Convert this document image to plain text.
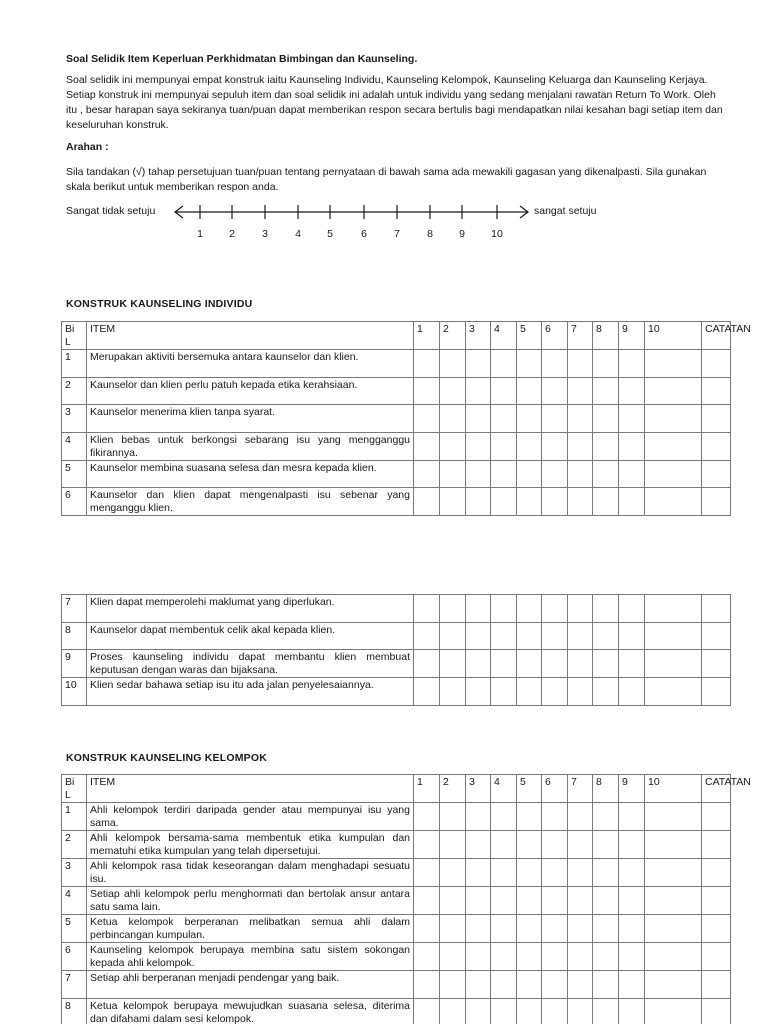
Soal Selidik Item Keperluan Perkhidmatan Bimbingan dan Kaunseling.
Soal selidik ini mempunyai empat konstruk iaitu Kaunseling Individu, Kaunseling Kelompok, Kaunseling Keluarga dan Kaunseling Kerjaya. Setiap konstruk ini mempunyai sepuluh item dan soal selidik ini adalah untuk individu yang sedang menjalani rawatan Return To Work. Oleh itu , besar harapan saya sekiranya tuan/puan dapat memberikan respon secara bertulis bagi mendapatkan nilai kesahan bagi setiap item dan keseluruhan konstruk.
Arahan :
Sila tandakan (√) tahap persetujuan tuan/puan tentang pernyataan di bawah sama ada mewakili gagasan yang dikenalpasti. Sila gunakan skala berikut untuk memberikan respon anda.
Sangat tidak setuju	sangat setuju
1	2	3	4	5	6	7	8	9	10
KONSTRUK KAUNSELING INDIVIDU
Bi
L	ITEM	1	2	3	4	5	6	7	8	9	10	CATATAN
1	Merupakan aktiviti bersemuka antara kaunselor dan klien.											
2	Kaunselor dan klien perlu patuh kepada etika kerahsiaan.											
3	Kaunselor menerima klien tanpa syarat.											
4	Klien bebas untuk berkongsi sebarang isu yang mengganggu fikirannya.											
5	Kaunselor membina suasana selesa dan mesra kepada klien.											
6	Kaunselor dan klien dapat mengenalpasti isu sebenar yang menganggu klien.											
7	Klien dapat memperolehi maklumat yang diperlukan.											
8	Kaunselor dapat membentuk celik akal kepada klien.											
9	Proses kaunseling individu dapat membantu klien membuat keputusan dengan waras dan bijaksana.											
10	Klien sedar bahawa setiap isu itu ada jalan penyelesaiannya.											
KONSTRUK KAUNSELING KELOMPOK
Bi
L	ITEM	1	2	3	4	5	6	7	8	9	10	CATATAN
1	Ahli kelompok terdiri daripada gender atau mempunyai isu yang sama.											
2	Ahli kelompok bersama-sama membentuk etika kumpulan dan mematuhi etika kumpulan yang telah dipersetujui.											
3	Ahli kelompok rasa tidak keseorangan dalam menghadapi sesuatu isu.											
4	Setiap ahli kelompok perlu menghormati dan bertolak ansur antara satu sama lain.											
5	Ketua kelompok berperanan melibatkan semua ahli dalam perbincangan kumpulan.											
6	Kaunseling kelompok berupaya membina satu sistem sokongan kepada ahli kelompok.											
7	Setiap ahli berperanan menjadi pendengar yang baik.											
8	Ketua kelompok berupaya mewujudkan suasana selesa, diterima dan difahami dalam sesi kelompok.											
